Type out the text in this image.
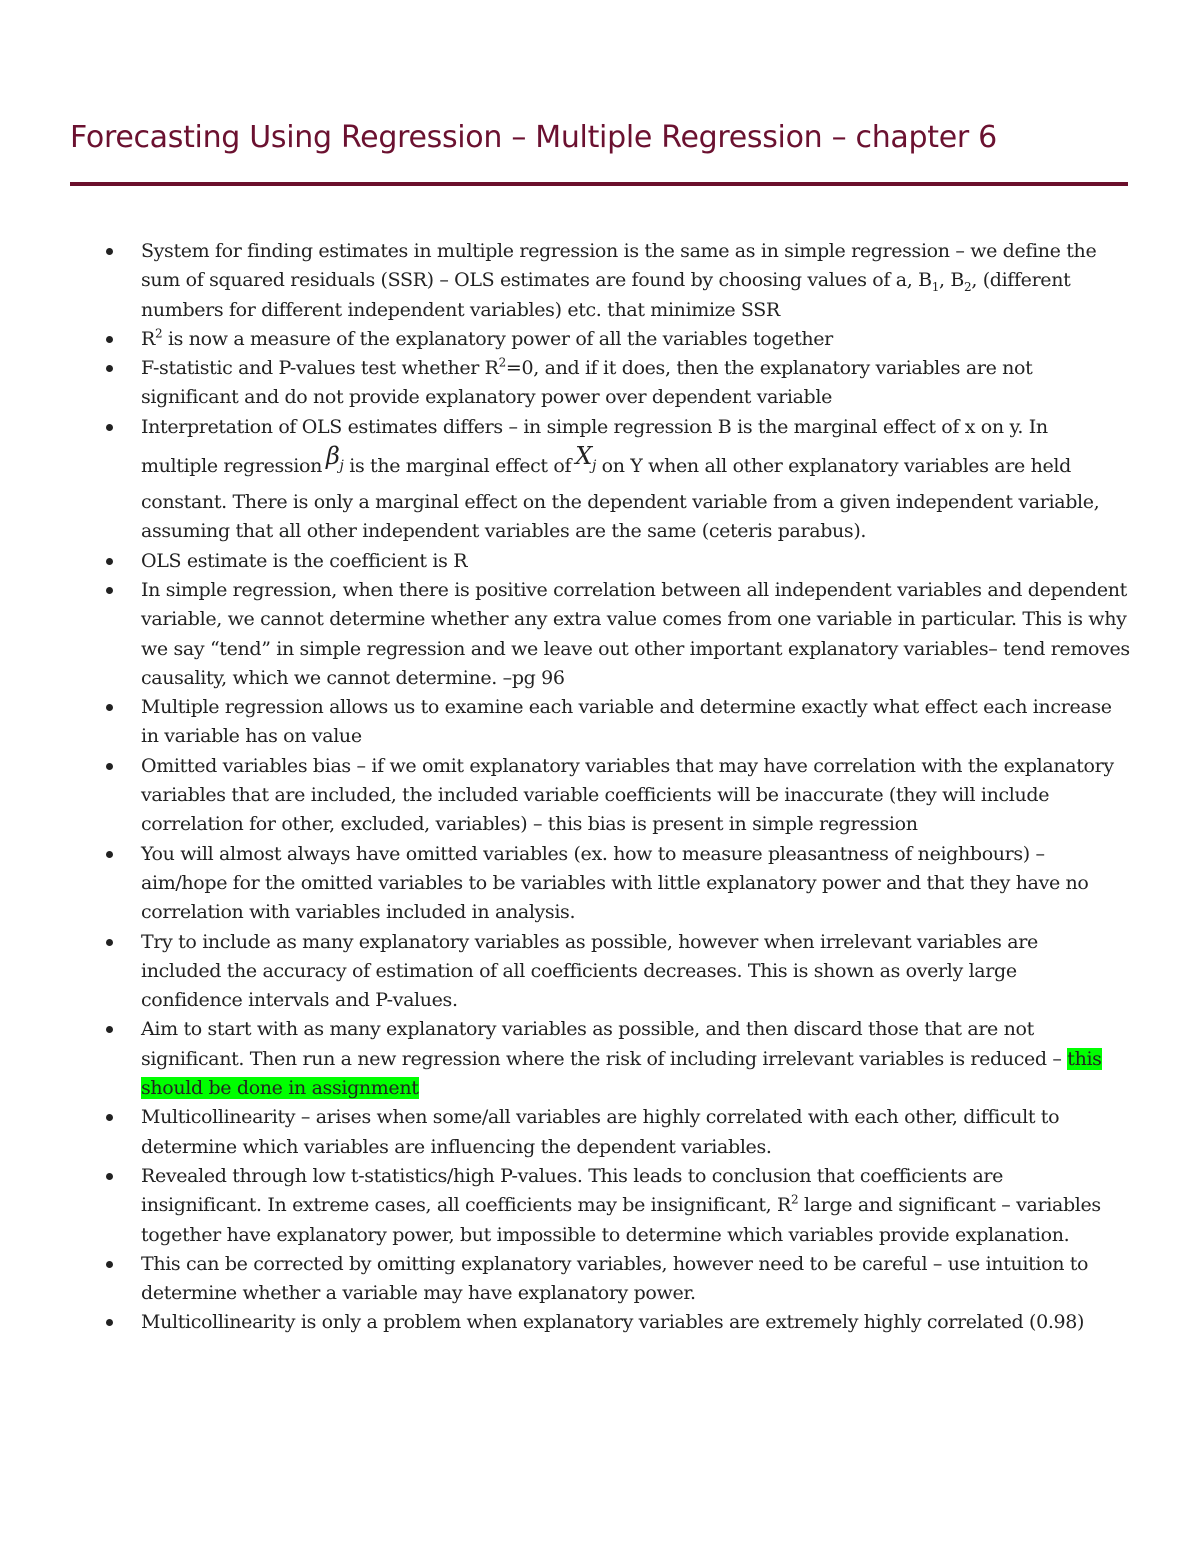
Forecasting Using Regression – Multiple Regression – chapter 6
System for finding estimates in multiple regression is the same as in simple regression – we define the
sum of squared residuals (SSR) – OLS estimates are found by choosing values of a, $B_1$, $B_2$, (different
numbers for different independent variables) etc. that minimize SSR
$R^2$ is now a measure of the explanatory power of all the variables together
F-statistic and P-values test whether $R^2=0$, and if it does, then the explanatory variables are not
significant and do not provide explanatory power over dependent variable
Interpretation of OLS estimates differs – in simple regression B is the marginal effect of x on y. In
multiple regression $\beta_j$ is the marginal effect of $X_j$ on Y when all other explanatory variables are held
constant. There is only a marginal effect on the dependent variable from a given independent variable,
assuming that all other independent variables are the same (ceteris parabus).
OLS estimate is the coefficient is R
In simple regression, when there is positive correlation between all independent variables and dependent
variable, we cannot determine whether any extra value comes from one variable in particular. This is why
we say “tend” in simple regression and we leave out other important explanatory variables– tend removes
causality, which we cannot determine. –pg 96
Multiple regression allows us to examine each variable and determine exactly what effect each increase
in variable has on value
Omitted variables bias – if we omit explanatory variables that may have correlation with the explanatory
variables that are included, the included variable coefficients will be inaccurate (they will include
correlation for other, excluded, variables) – this bias is present in simple regression
You will almost always have omitted variables (ex. how to measure pleasantness of neighbours) –
aim/hope for the omitted variables to be variables with little explanatory power and that they have no
correlation with variables included in analysis.
Try to include as many explanatory variables as possible, however when irrelevant variables are
included the accuracy of estimation of all coefficients decreases. This is shown as overly large
confidence intervals and P-values.
Aim to start with as many explanatory variables as possible, and then discard those that are not
significant. Then run a new regression where the risk of including irrelevant variables is reduced – this
should be done in assignment
Multicollinearity – arises when some/all variables are highly correlated with each other, difficult to
determine which variables are influencing the dependent variables.
Revealed through low t-statistics/high P-values. This leads to conclusion that coefficients are
insignificant. In extreme cases, all coefficients may be insignificant, $R^2$ large and significant – variables
together have explanatory power, but impossible to determine which variables provide explanation.
This can be corrected by omitting explanatory variables, however need to be careful – use intuition to
determine whether a variable may have explanatory power.
Multicollinearity is only a problem when explanatory variables are extremely highly correlated (0.98)
